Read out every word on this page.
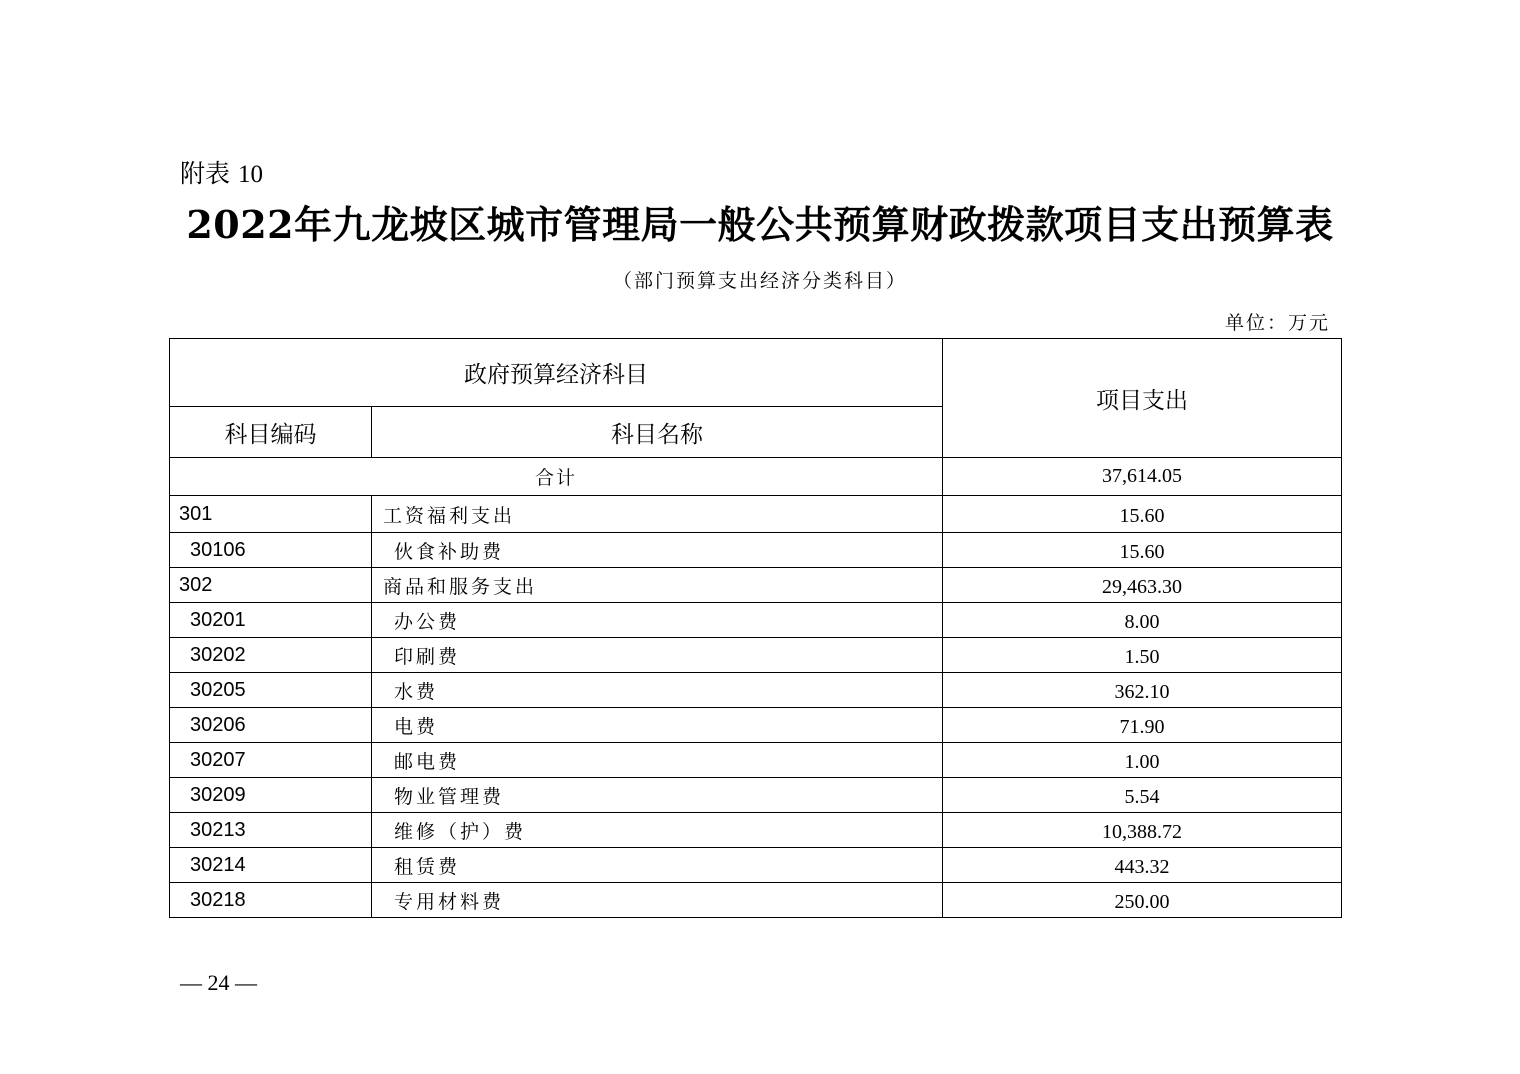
附表 10
2022年九龙坡区城市管理局一般公共预算财政拨款项目支出预算表
（部门预算支出经济分类科目）
单位：万元
政府预算经济科目		项目支出
科目编码	科目名称	
合计		37,614.05
301	工资福利支出	15.60
30106	伙食补助费	15.60
302	商品和服务支出	29,463.30
30201	办公费	8.00
30202	印刷费	1.50
30205	水费	362.10
30206	电费	71.90
30207	邮电费	1.00
30209	物业管理费	5.54
30213	维修（护）费	10,388.72
30214	租赁费	443.32
30218	专用材料费	250.00
— 24 —
